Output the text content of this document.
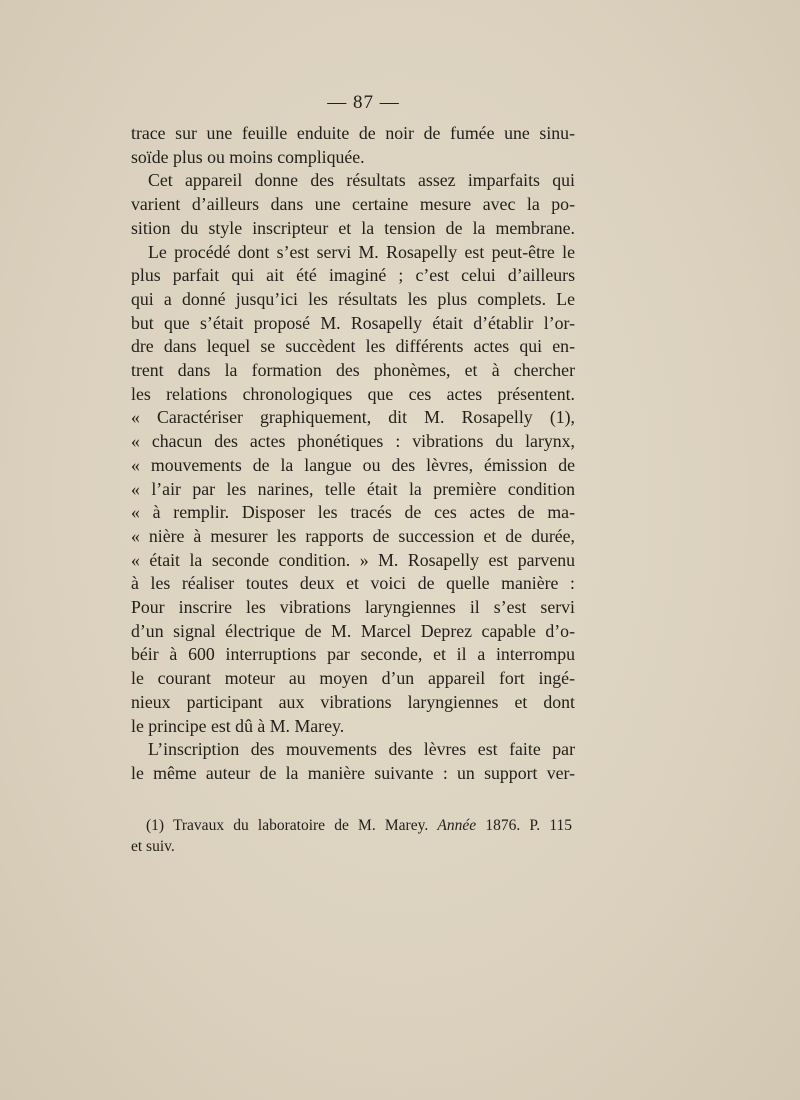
— 87 —
trace sur une feuille enduite de noir de fumée une sinu-
soïde plus ou moins compliquée.
Cet appareil donne des résultats assez imparfaits qui
varient d’ailleurs dans une certaine mesure avec la po-
sition du style inscripteur et la tension de la membrane.
Le procédé dont s’est servi M. Rosapelly est peut-être le
plus parfait qui ait été imaginé ; c’est celui d’ailleurs
qui a donné jusqu’ici les résultats les plus complets. Le
but que s’était proposé M. Rosapelly était d’établir l’or-
dre dans lequel se succèdent les différents actes qui en-
trent dans la formation des phonèmes, et à chercher
les relations chronologiques que ces actes présentent.
« Caractériser graphiquement, dit M. Rosapelly (1),
« chacun des actes phonétiques : vibrations du larynx,
« mouvements de la langue ou des lèvres, émission de
« l’air par les narines, telle était la première condition
« à remplir. Disposer les tracés de ces actes de ma-
« nière à mesurer les rapports de succession et de durée,
« était la seconde condition. » M. Rosapelly est parvenu
à les réaliser toutes deux et voici de quelle manière :
Pour inscrire les vibrations laryngiennes il s’est servi
d’un signal électrique de M. Marcel Deprez capable d’o-
béir à 600 interruptions par seconde, et il a interrompu
le courant moteur au moyen d’un appareil fort ingé-
nieux participant aux vibrations laryngiennes et dont
le principe est dû à M. Marey.
L’inscription des mouvements des lèvres est faite par
le même auteur de la manière suivante : un support ver-
(1) Travaux du laboratoire de M. Marey. Année 1876. P. 115
et suiv.
